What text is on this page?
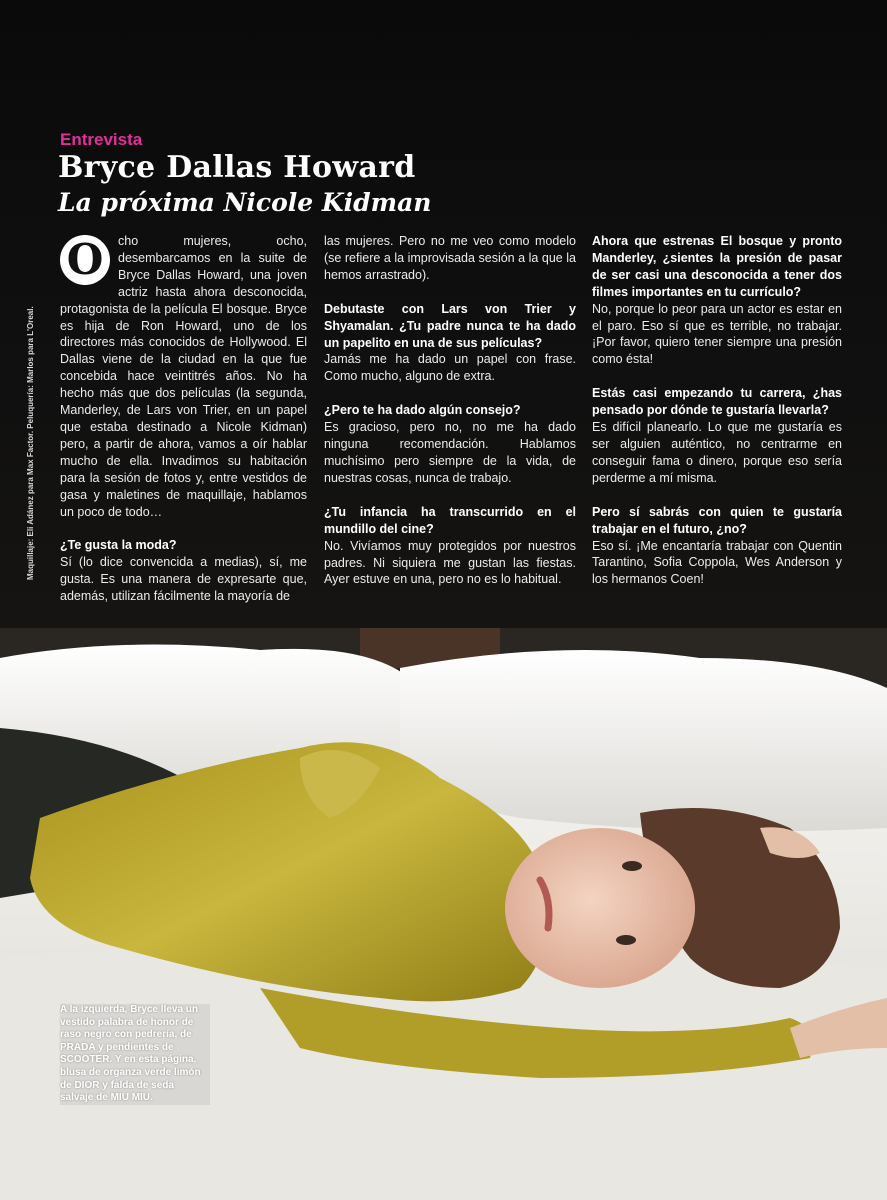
Entrevista
Bryce Dallas Howard
La próxima Nicole Kidman
Maquillaje: Eli Adánez para Max Factor. Peluquería: Marlos para L'Oreal.

O	cho mujeres, ocho, desembarcamos en la suite de Bryce Dallas Howard, una joven actriz hasta ahora desconocida, protagonista de la película El bosque. Bryce es hija de Ron Howard, uno de los directores más conocidos de Hollywood. El Dallas viene de la ciudad en la que fue concebida hace veintitrés años. No ha hecho más que dos películas (la segunda, Manderley, de Lars von Trier, en un papel que estaba destinado a Nicole Kidman) pero, a partir de ahora, vamos a oír hablar mucho de ella. Invadimos su habitación para la sesión de fotos y, entre vestidos de gasa y maletines de maquillaje, hablamos un poco de todo…

¿Te gusta la moda?
Sí (lo dice convencida a medias), sí, me gusta. Es una manera de expresarte que, además, utilizan fácilmente la mayoría de

las mujeres. Pero no me veo como modelo (se refiere a la improvisada sesión a la que la hemos arrastrado).

Debutaste con Lars von Trier y Shyamalan. ¿Tu padre nunca te ha dado un papelito en una de sus películas?
Jamás me ha dado un papel con frase. Como mucho, alguno de extra.

¿Pero te ha dado algún consejo?
Es gracioso, pero no, no me ha dado ninguna recomendación. Hablamos muchísimo pero siempre de la vida, de nuestras cosas, nunca de trabajo.

¿Tu infancia ha transcurrido en el mundillo del cine?
No. Vivíamos muy protegidos por nuestros padres. Ni siquiera me gustan las fiestas. Ayer estuve en una, pero no es lo habitual.

Ahora que estrenas El bosque y pronto Manderley, ¿sientes la presión de pasar de ser casi una desconocida a tener dos filmes importantes en tu currículo?
No, porque lo peor para un actor es estar en el paro. Eso sí que es terrible, no trabajar. ¡Por favor, quiero tener siempre una presión como ésta!

Estás casi empezando tu carrera, ¿has pensado por dónde te gustaría llevarla?
Es difícil planearlo. Lo que me gustaría es ser alguien auténtico, no centrarme en conseguir fama o dinero, porque eso sería perderme a mí misma.

Pero sí sabrás con quien te gustaría trabajar en el futuro, ¿no?
Eso sí. ¡Me encantaría trabajar con Quentin Tarantino, Sofia Coppola, Wes Anderson y los hermanos Coen!

A la izquierda, Bryce lleva un vestido palabra de honor de raso negro con pedrería, de PRADA y pendientes de SCOOTER. Y en esta página, blusa de organza verde limón de DIOR y falda de seda salvaje de MIU MIU.
